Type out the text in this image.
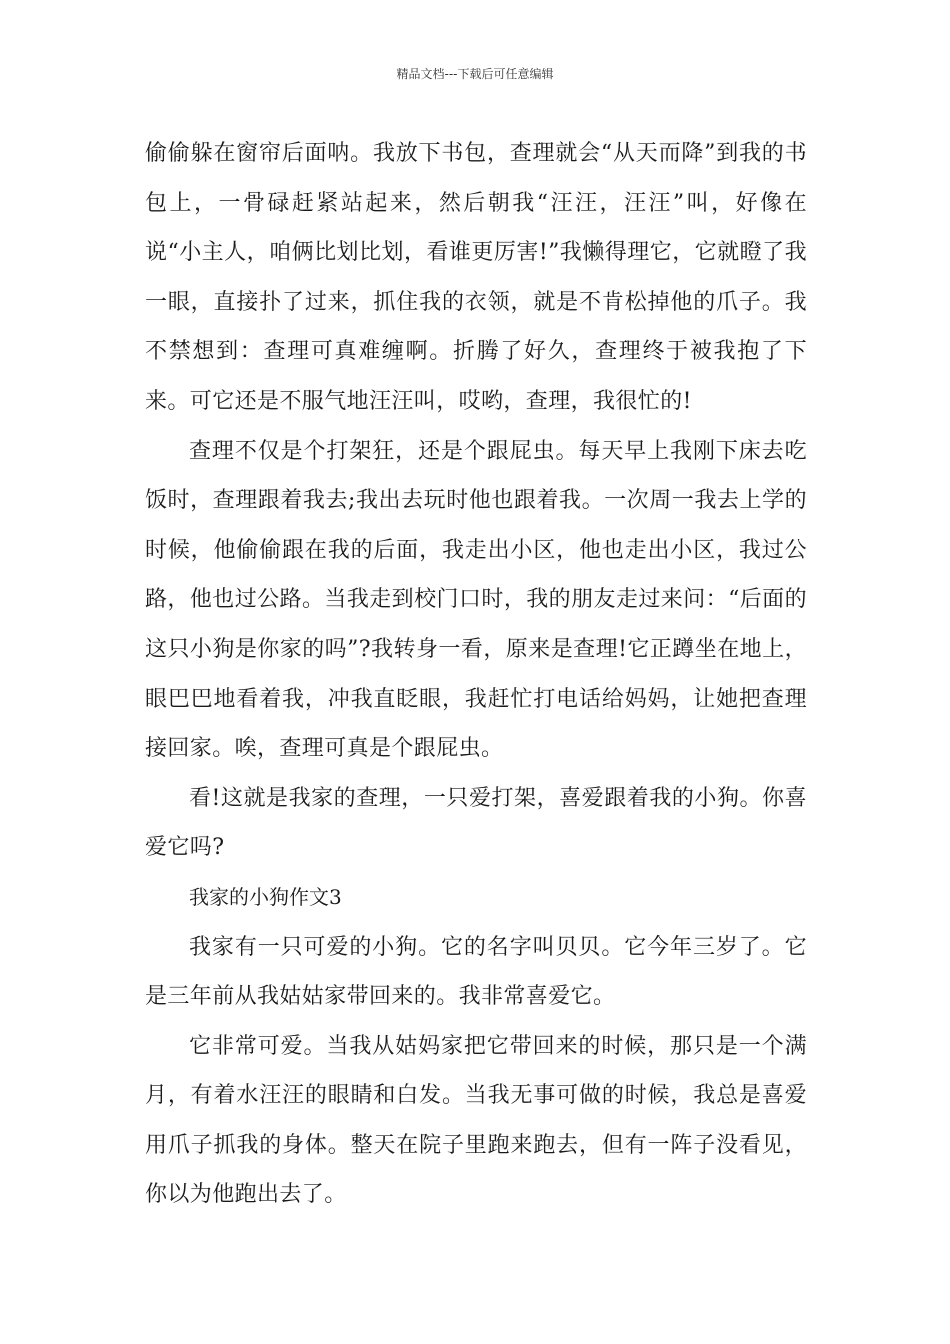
精品文档---下载后可任意编辑

偷偷躲在窗帘后面呐。我放下书包，查理就会“从天而降”到我的书包上，一骨碌赶紧站起来，然后朝我“汪汪，汪汪”叫，好像在说“小主人，咱俩比划比划，看谁更厉害!”我懒得理它，它就瞪了我一眼，直接扑了过来，抓住我的衣领，就是不肯松掉他的爪子。我不禁想到：查理可真难缠啊。折腾了好久，查理终于被我抱了下来。可它还是不服气地汪汪叫，哎哟，查理，我很忙的!

查理不仅是个打架狂，还是个跟屁虫。每天早上我刚下床去吃饭时，查理跟着我去;我出去玩时他也跟着我。一次周一我去上学的时候，他偷偷跟在我的后面，我走出小区，他也走出小区，我过公路，他也过公路。当我走到校门口时，我的朋友走过来问：“后面的这只小狗是你家的吗”?我转身一看，原来是查理!它正蹲坐在地上，眼巴巴地看着我，冲我直眨眼，我赶忙打电话给妈妈，让她把查理接回家。唉，查理可真是个跟屁虫。

看!这就是我家的查理，一只爱打架，喜爱跟着我的小狗。你喜爱它吗?

我家的小狗作文3

我家有一只可爱的小狗。它的名字叫贝贝。它今年三岁了。它是三年前从我姑姑家带回来的。我非常喜爱它。

它非常可爱。当我从姑妈家把它带回来的时候，那只是一个满月，有着水汪汪的眼睛和白发。当我无事可做的时候，我总是喜爱用爪子抓我的身体。整天在院子里跑来跑去，但有一阵子没看见，你以为他跑出去了。
